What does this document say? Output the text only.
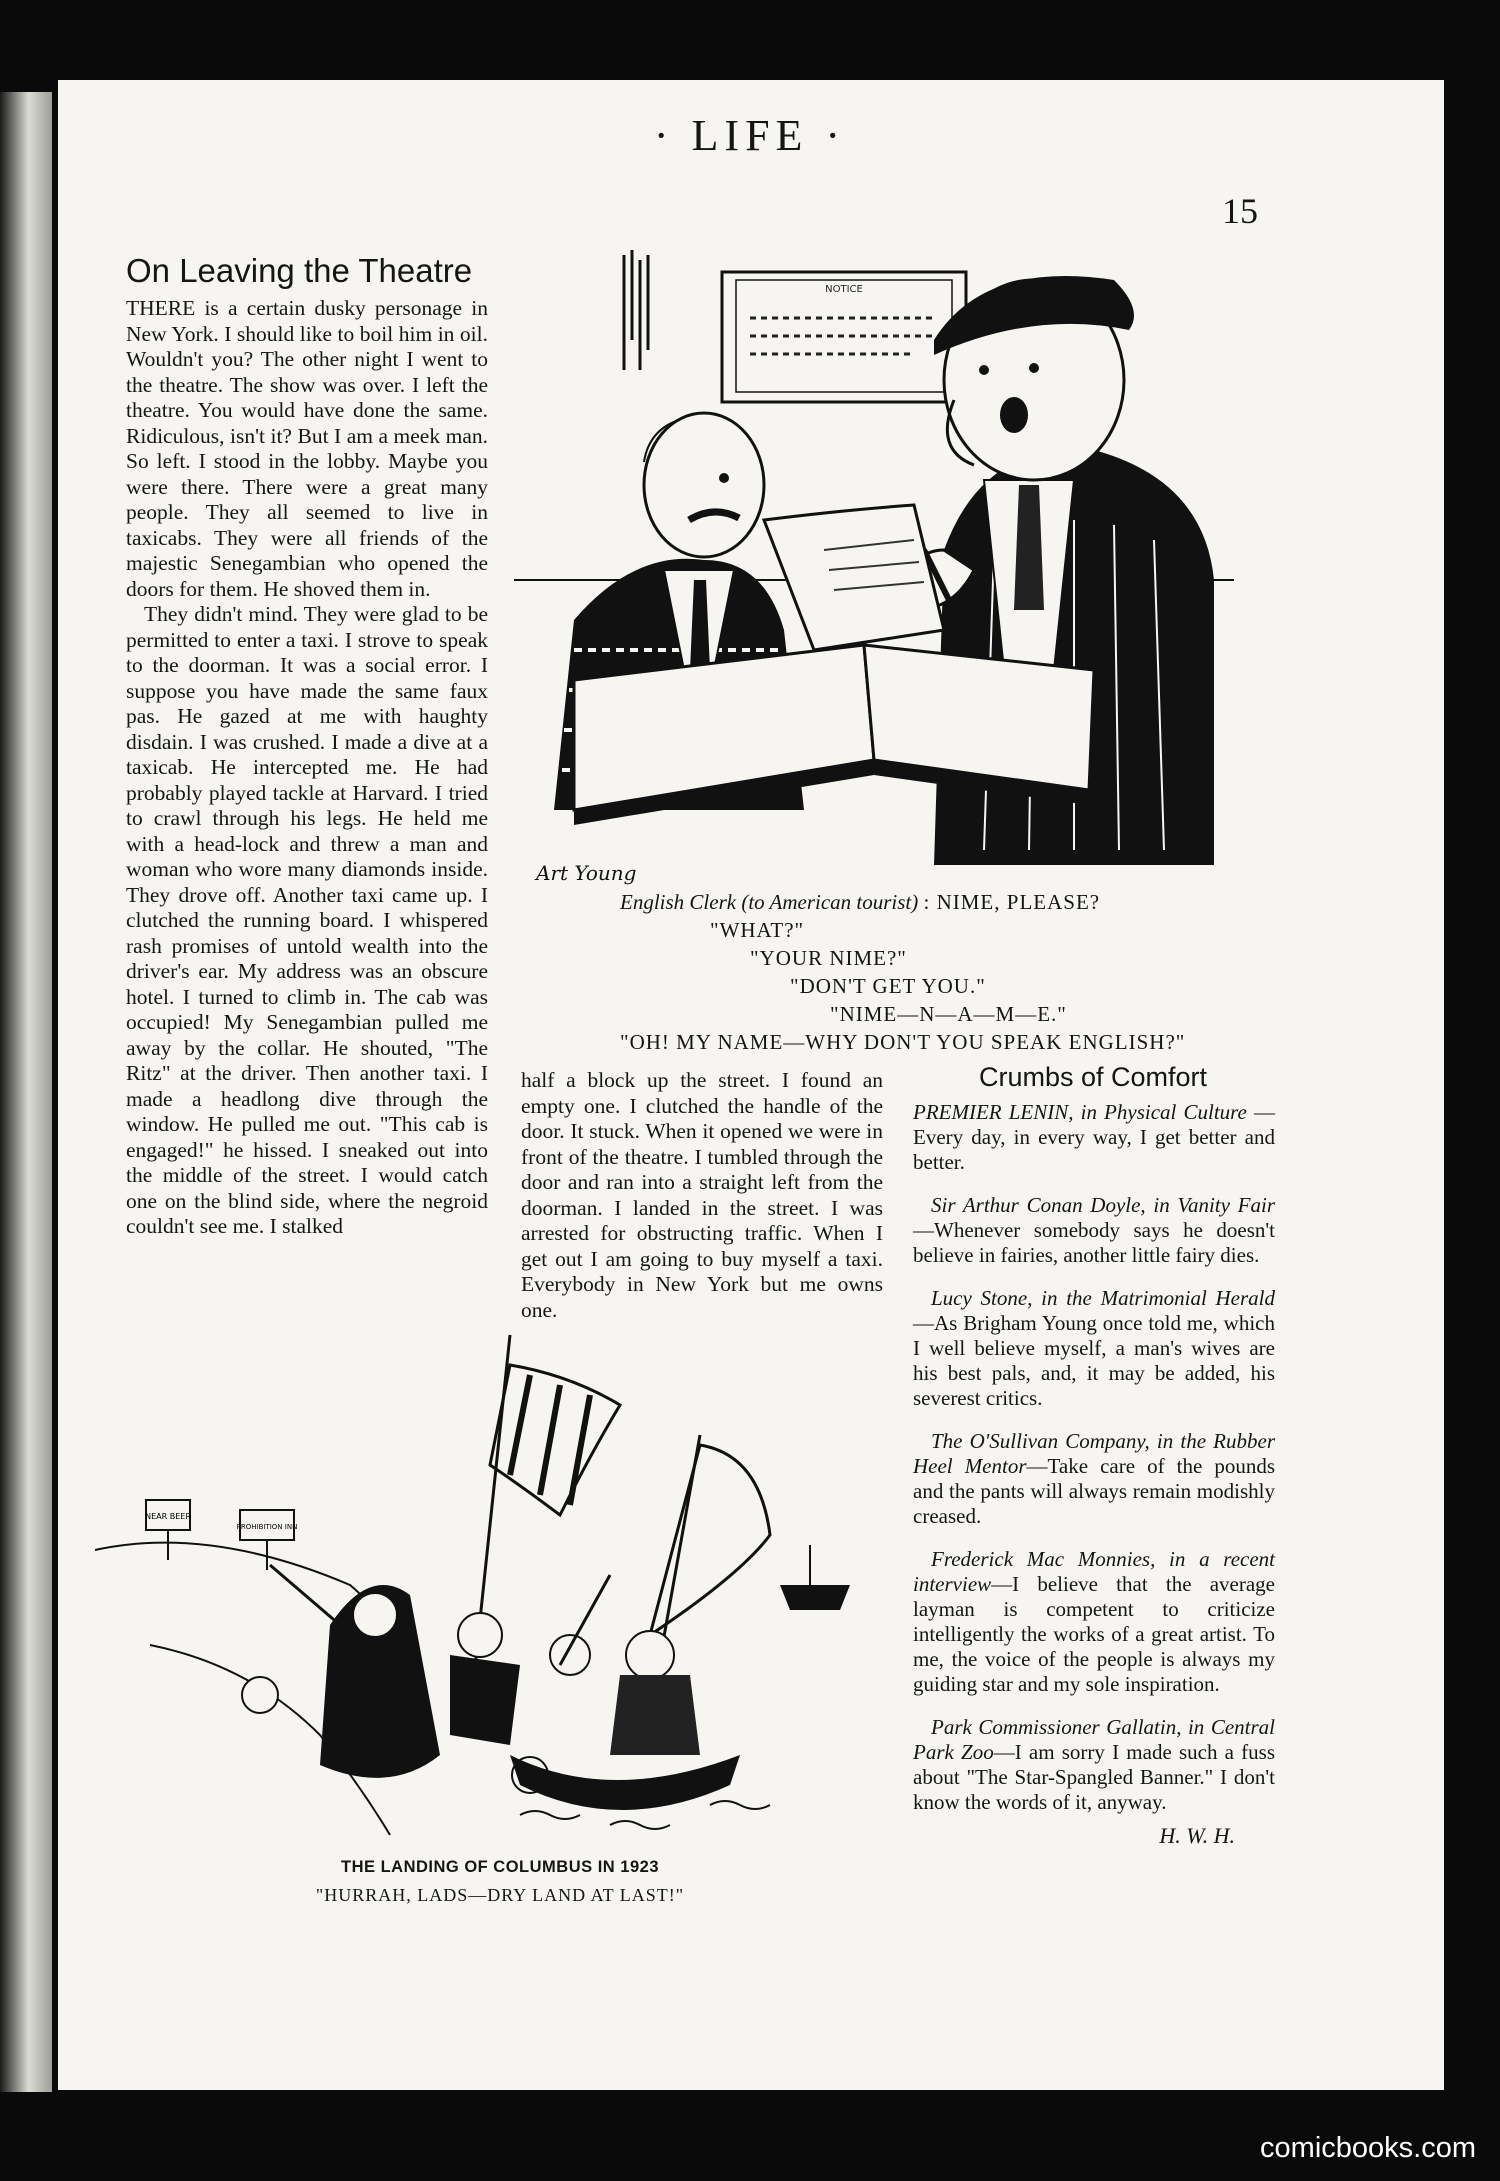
· LIFE ·
15
On Leaving the Theatre

THERE is a certain dusky personage in New York. I should like to boil him in oil. Wouldn't you? The other night I went to the theatre. The show was over. I left the theatre. You would have done the same. Ridiculous, isn't it? But I am a meek man. So left. I stood in the lobby. Maybe you were there. There were a great many people. They all seemed to live in taxicabs. They were all friends of the majestic Senegambian who opened the doors for them. He shoved them in.

They didn't mind. They were glad to be permitted to enter a taxi. I strove to speak to the doorman. It was a social error. I suppose you have made the same faux pas. He gazed at me with haughty disdain. I was crushed. I made a dive at a taxicab. He intercepted me. He had probably played tackle at Harvard. I tried to crawl through his legs. He held me with a head-lock and threw a man and woman who wore many diamonds inside. They drove off. Another taxi came up. I clutched the running board. I whispered rash promises of untold wealth into the driver's ear. My address was an obscure hotel. I turned to climb in. The cab was occupied! My Senegambian pulled me away by the collar. He shouted, "The Ritz" at the driver. Then another taxi. I made a headlong dive through the window. He pulled me out. "This cab is engaged!" he hissed. I sneaked out into the middle of the street. I would catch one on the blind side, where the negroid couldn't see me. I stalked

half a block up the street. I found an empty one. I clutched the handle of the door. It stuck. When it opened we were in front of the theatre. I tumbled through the door and ran into a straight left from the doorman. I landed in the street. I was arrested for obstructing traffic. When I get out I am going to buy myself a taxi. Everybody in New York but me owns one.

NOTICE
Art Young
English Clerk (to American tourist) : NIME, PLEASE?
"WHAT?"
"YOUR NIME?"
"DON'T GET YOU."
"NIME—N—A—M—E."
"OH! MY NAME—WHY DON'T YOU SPEAK ENGLISH?"
NEAR BEER
PROHIBITION INN
THE LANDING OF COLUMBUS IN 1923
"HURRAH, LADS—DRY LAND AT LAST!"
Crumbs of Comfort

PREMIER LENIN, in Physical Culture — Every day, in every way, I get better and better.

Sir Arthur Conan Doyle, in Vanity Fair—Whenever somebody says he doesn't believe in fairies, another little fairy dies.

Lucy Stone, in the Matrimonial Herald—As Brigham Young once told me, which I well believe myself, a man's wives are his best pals, and, it may be added, his severest critics.

The O'Sullivan Company, in the Rubber Heel Mentor—Take care of the pounds and the pants will always remain modishly creased.

Frederick Mac Monnies, in a recent interview—I believe that the average layman is competent to criticize intelligently the works of a great artist. To me, the voice of the people is always my guiding star and my sole inspiration.

Park Commissioner Gallatin, in Central Park Zoo—I am sorry I made such a fuss about "The Star-Spangled Banner." I don't know the words of it, anyway.

H. W. H.
comicbooks.com
